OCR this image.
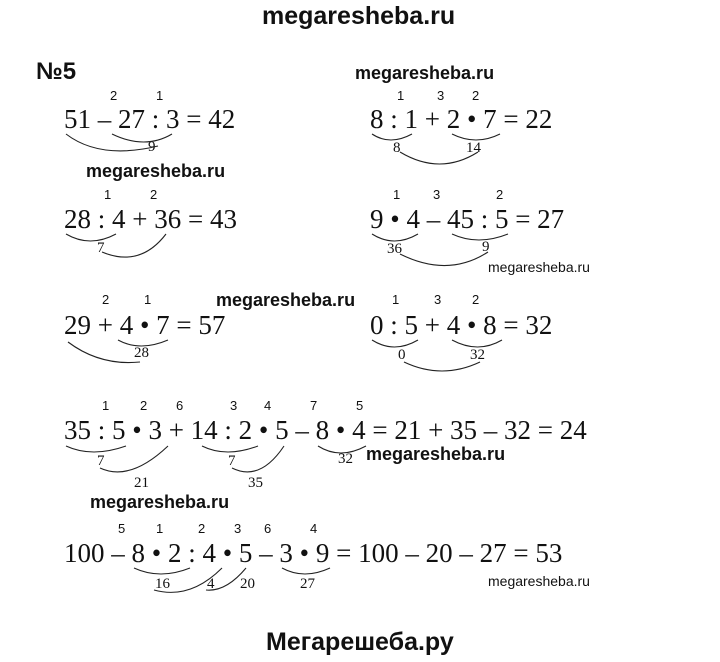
megaresheba.ru
№5
Мегарешеба.ру
megaresheba.ru
megaresheba.ru
megaresheba.ru
megaresheba.ru
megaresheba.ru
megaresheba.ru
megaresheba.ru
2	1
51 – 27 : 3 = 42
9
1	3 2
8 : 1 + 2 • 7 = 22
8	14
1	2
28 : 4 + 36 = 43
7
1	3	2
9 • 4 – 45 : 5 = 27
36	9
2	1
29 + 4 • 7 = 57
28
1	3 2
0 : 5 + 4 • 8 = 32
0	32
1 2 6	3 4	7	5
35 : 5 • 3 + 14 : 2 • 5 – 8 • 4 = 21 + 35 – 32 = 24
7
21
7
35
32
5 1	2 3 6	4
100 – 8 • 2 : 4 • 5 – 3 • 9 = 100 – 20 – 27 = 53
16 4 20	27
